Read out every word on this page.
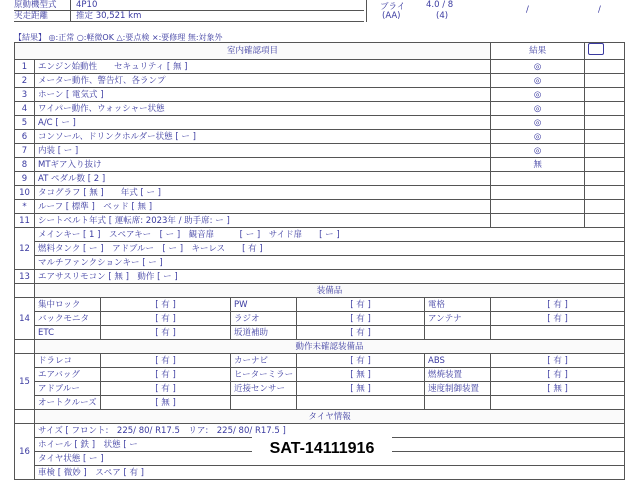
原動機型式	4P10
実走距離	推定 30,521 km
ブライ 4.0 / 8
(AA)	(4)
/	/
【結果】 ◎:正常 ○:軽微OK △:要点検 ×:要修理 無:対象外
室内確認項目						結果	
1	エンジン始動性　　セキュリティ [ 無 ]					◎	
2	メーター動作、警告灯、各ランプ					◎	
3	ホーン [ 電気式 ]					◎	
4	ワイパー動作、ウォッシャー状態					◎	
5	A/C [ ー ]					◎	
6	コンソール、ドリンクホルダー状態 [ ー ]					◎	
7	内装 [ ー ]					◎	
8	MTギア入り抜け					無	
9	AT ペダル数 [ 2 ]						
10	タコグラフ [ 無 ]　　年式 [ ー ]						
*	ルーフ [ 標準 ]　ベッド [ 無 ]						
11	シートベルト年式 [ 運転席: 2023年 / 助手席: ー ]						
12	メインキー [ 1 ]　スペアキー　[ ー ]　観音扉　　　[ ー ]　サイド扉　　[ ー ]						
	燃料タンク [ ー ]　アドブルー　[ ー ]　キーレス　　[ 有 ]						
	マルチファンクションキー [ ー ]						
13	エアサスリモコン [ 無 ]　動作 [ ー ]						
	装備品						
14	集中ロック	[ 有 ]	PW	[ 有 ]	電格	[ 有 ]	
	バックモニタ	[ 有 ]	ラジオ	[ 有 ]	アンテナ	[ 有 ]	
	ETC	[ 有 ]	坂道補助	[ 有 ]			
	動作未確認装備品						
15	ドラレコ	[ 有 ]	カーナビ	[ 有 ]	ABS	[ 有 ]	
	エアバッグ	[ 有 ]	ヒーターミラー	[ 無 ]	燃焼装置	[ 有 ]	
	アドブルー	[ 有 ]	近接センサー	[ 無 ]	速度制御装置	[ 無 ]	
	オートクルーズ	[ 無 ]					
	タイヤ情報						
16	サイズ [ フロント:　225/ 80/ R17.5　リア:　225/ 80/ R17.5 ]						
	ホイール [ 鉄 ]　状態 [ ー						
	タイヤ状態 [ ー ]						
	車検 [ 微妙 ]　スペア [ 有 ]						
SAT-14111916
